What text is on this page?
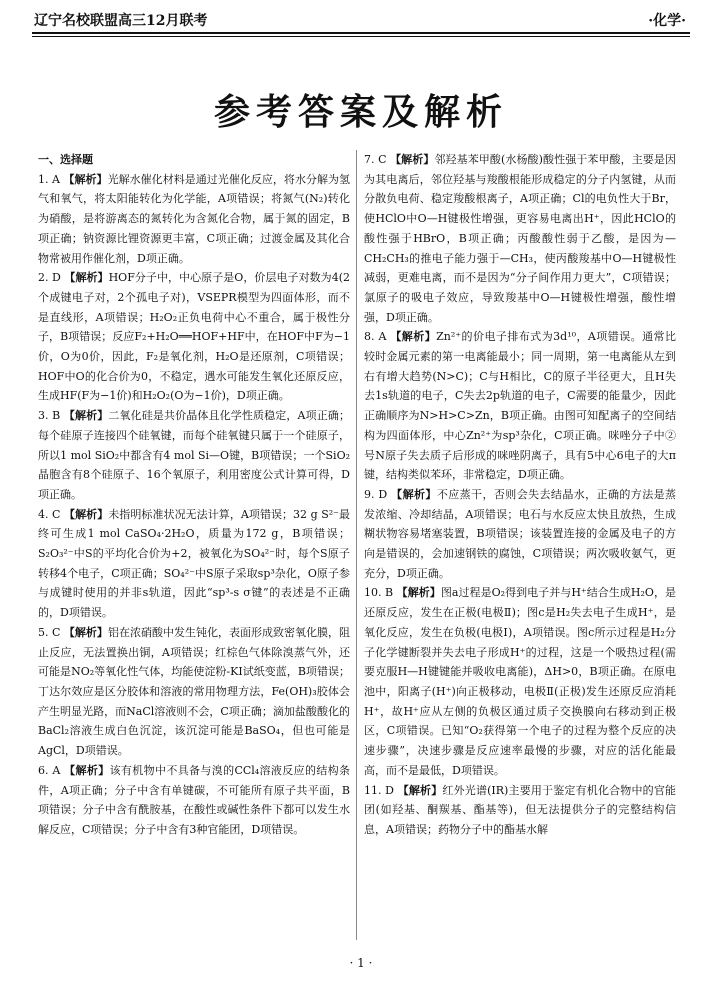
辽宁名校联盟高三12月联考	·化学·
参考答案及解析
一、选择题

1. A 【解析】光解水催化材料是通过光催化反应，将水分解为氢气和氧气，将太阳能转化为化学能，A项错误；将氮气(N₂)转化为硝酸，是将游离态的氮转化为含氮化合物，属于氮的固定，B项正确；钠资源比锂资源更丰富，C项正确；过渡金属及其化合物常被用作催化剂，D项正确。

2. D 【解析】HOF分子中，中心原子是O，价层电子对数为4(2个成键电子对，2个孤电子对)，VSEPR模型为四面体形，而不是直线形，A项错误；H₂O₂正负电荷中心不重合，属于极性分子，B项错误；反应F₂+H₂O══HOF+HF中，在HOF中F为−1价，O为0价，因此，F₂是氧化剂，H₂O是还原剂，C项错误；HOF中O的化合价为0，不稳定，遇水可能发生氧化还原反应，生成HF(F为−1价)和H₂O₂(O为−1价)，D项正确。

3. B 【解析】二氧化硅是共价晶体且化学性质稳定，A项正确；每个硅原子连接四个硅氧键，而每个硅氧键只属于一个硅原子，所以1 mol SiO₂中都含有4 mol Si—O键，B项错误；一个SiO₂晶胞含有8个硅原子、16个氧原子，利用密度公式计算可得，D项正确。

4. C 【解析】未指明标准状况无法计算，A项错误；32 g S²⁻最终可生成1 mol CaSO₄·2H₂O，质量为172 g，B项错误；S₂O₃²⁻中S的平均化合价为+2，被氧化为SO₄²⁻时，每个S原子转移4个电子，C项正确；SO₄²⁻中S原子采取sp³杂化，O原子参与成键时使用的并非s轨道，因此“sp³-s σ键”的表述是不正确的，D项错误。

5. C 【解析】铝在浓硝酸中发生钝化，表面形成致密氧化膜，阻止反应，无法置换出铜，A项错误；红棕色气体除溴蒸气外，还可能是NO₂等氧化性气体，均能使淀粉-KI试纸变蓝，B项错误；丁达尔效应是区分胶体和溶液的常用物理方法，Fe(OH)₃胶体会产生明显光路，而NaCl溶液则不会，C项正确；滴加盐酸酸化的BaCl₂溶液生成白色沉淀，该沉淀可能是BaSO₄，但也可能是AgCl，D项错误。

6. A 【解析】该有机物中不具备与溴的CCl₄溶液反应的结构条件，A项正确；分子中含有单键碳，不可能所有原子共平面，B项错误；分子中含有酰胺基，在酸性或碱性条件下都可以发生水解反应，C项错误；分子中含有3种官能团，D项错误。

7. C 【解析】邻羟基苯甲酸(水杨酸)酸性强于苯甲酸，主要是因为其电离后，邻位羟基与羧酸根能形成稳定的分子内氢键，从而分散负电荷、稳定羧酸根离子，A项正确；Cl的电负性大于Br，使HClO中O—H键极性增强，更容易电离出H⁺，因此HClO的酸性强于HBrO，B项正确；丙酸酸性弱于乙酸，是因为—CH₂CH₃的推电子能力强于—CH₃，使丙酸羧基中O—H键极性减弱，更难电离，而不是因为“分子间作用力更大”，C项错误；氯原子的吸电子效应，导致羧基中O—H键极性增强，酸性增强，D项正确。

8. A 【解析】Zn²⁺的价电子排布式为3d¹⁰，A项错误。通常比较时金属元素的第一电离能最小；同一周期，第一电离能从左到右有增大趋势(N>C)；C与H相比，C的原子半径更大，且H失去1s轨道的电子，C失去2p轨道的电子，C需要的能量少，因此正确顺序为N>H>C>Zn，B项正确。由图可知配离子的空间结构为四面体形，中心Zn²⁺为sp³杂化，C项正确。咪唑分子中②号N原子失去质子后形成的咪唑阴离子，具有5中心6电子的大π键，结构类似苯环，非常稳定，D项正确。

9. D 【解析】不应蒸干，否则会失去结晶水，正确的方法是蒸发浓缩、冷却结晶，A项错误；电石与水反应太快且放热，生成糊状物容易堵塞装置，B项错误；该装置连接的金属及电子的方向是错误的，会加速钢铁的腐蚀，C项错误；两次吸收氨气，更充分，D项正确。

10. B 【解析】图a过程是O₂得到电子并与H⁺结合生成H₂O，是还原反应，发生在正极(电极Ⅱ)；图c是H₂失去电子生成H⁺，是氧化反应，发生在负极(电极Ⅰ)，A项错误。图c所示过程是H₂分子化学键断裂并失去电子形成H⁺的过程，这是一个吸热过程(需要克服H—H键键能并吸收电离能)，ΔH>0，B项正确。在原电池中，阳离子(H⁺)向正极移动，电极Ⅱ(正极)发生还原反应消耗H⁺，故H⁺应从左侧的负极区通过质子交换膜向右移动到正极区，C项错误。已知“O₂获得第一个电子的过程为整个反应的决速步骤”，决速步骤是反应速率最慢的步骤，对应的活化能最高，而不是最低，D项错误。

11. D 【解析】红外光谱(IR)主要用于鉴定有机化合物中的官能团(如羟基、酮羰基、酯基等)，但无法提供分子的完整结构信息，A项错误；药物分子中的酯基水解

· 1 ·
